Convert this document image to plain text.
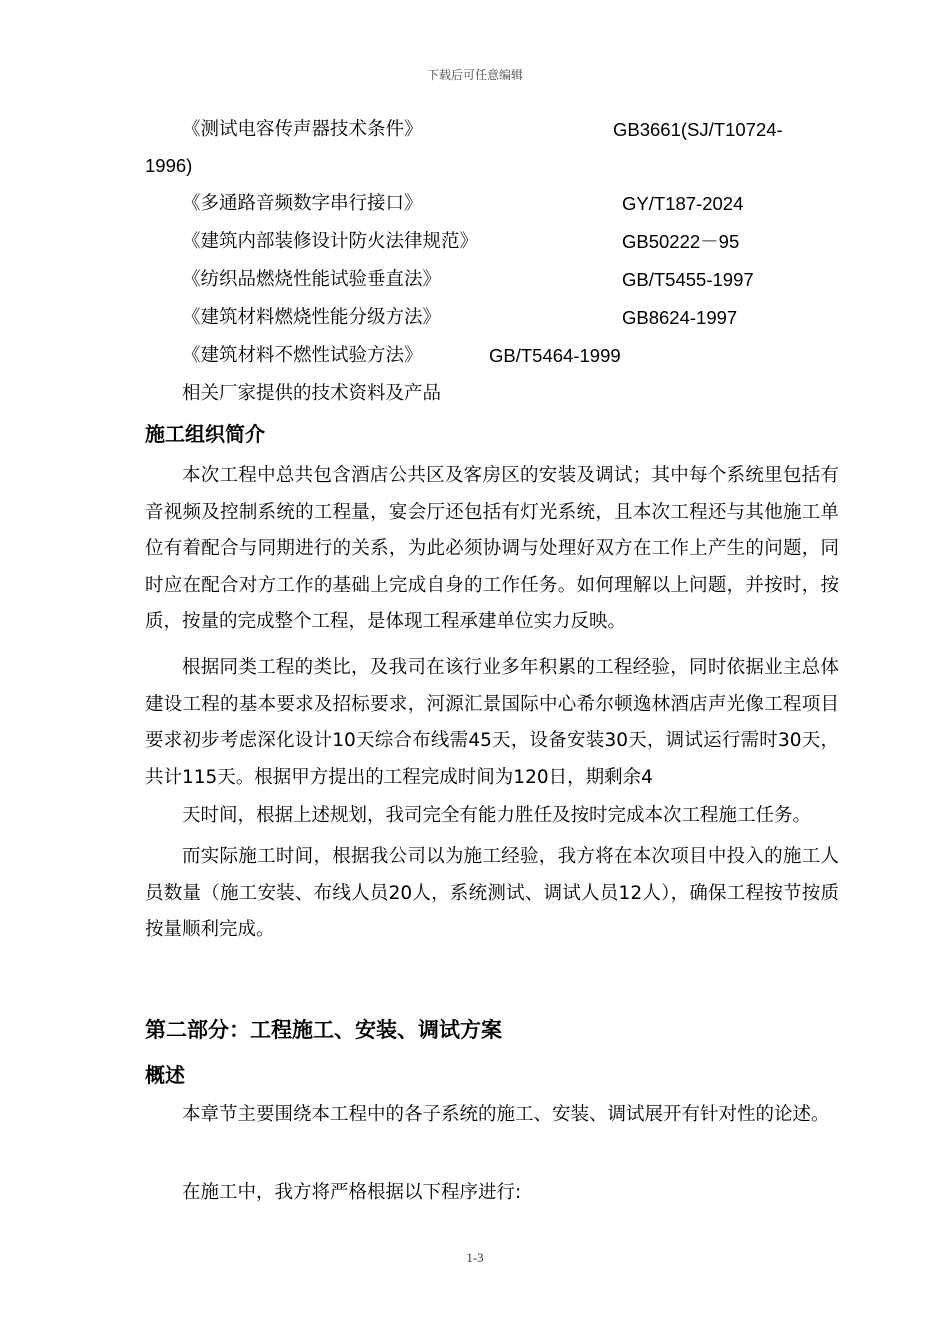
下载后可任意编辑
《测试电容传声器技术条件》	GB3661(SJ/T10724-
1996)
《多通路音频数字串行接口》	GY/T187-2024
《建筑内部装修设计防火法律规范》	GB50222－95
《纺织品燃烧性能试验垂直法》	GB/T5455-1997
《建筑材料燃烧性能分级方法》	GB8624-1997
《建筑材料不燃性试验方法》	GB/T5464-1999
相关厂家提供的技术资料及产品
施工组织简介
本次工程中总共包含酒店公共区及客房区的安装及调试；其中每个系统里包括有音视频及控制系统的工程量，宴会厅还包括有灯光系统，且本次工程还与其他施工单位有着配合与同期进行的关系，为此必须协调与处理好双方在工作上产生的问题，同时应在配合对方工作的基础上完成自身的工作任务。如何理解以上问题，并按时，按质，按量的完成整个工程，是体现工程承建单位实力反映。
根据同类工程的类比，及我司在该行业多年积累的工程经验，同时依据业主总体建设工程的基本要求及招标要求，河源汇景国际中心希尔顿逸林酒店声光像工程项目要求初步考虑深化设计10天综合布线需45天，设备安装30天，调试运行需时30天，共计115天。根据甲方提出的工程完成时间为120日，期剩余4
天时间，根据上述规划，我司完全有能力胜任及按时完成本次工程施工任务。
而实际施工时间，根据我公司以为施工经验，我方将在本次项目中投入的施工人员数量（施工安装、布线人员20人，系统测试、调试人员12人），确保工程按节按质按量顺利完成。
第二部分：工程施工、安装、调试方案
概述
本章节主要围绕本工程中的各子系统的施工、安装、调试展开有针对性的论述。
在施工中，我方将严格根据以下程序进行:
1-3
